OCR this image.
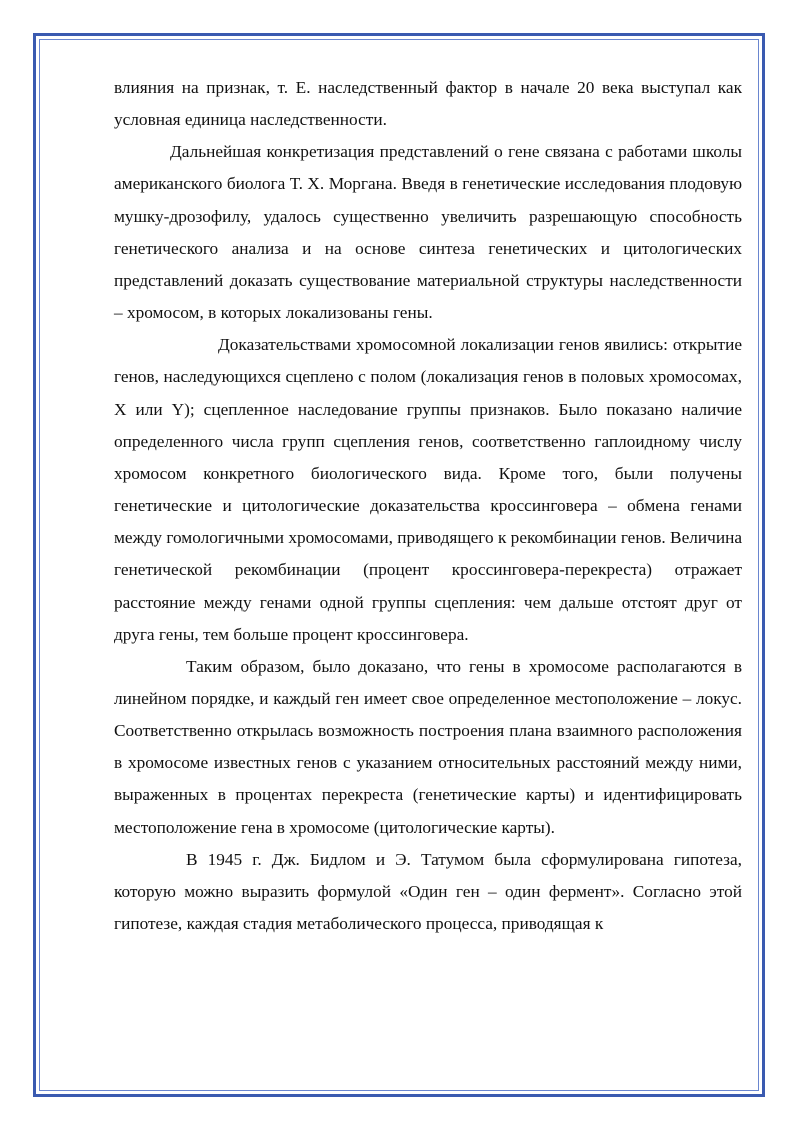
влияния на признак, т. Е. наследственный фактор в начале 20 века выступал как условная единица наследственности.

Дальнейшая конкретизация представлений о гене связана с работами школы американского биолога Т. Х. Моргана. Введя в генетические исследования плодовую мушку-дрозофилу, удалось существенно увеличить разрешающую способность генетического анализа и на основе синтеза генетических и цитологических представлений доказать существование материальной структуры наследственности – хромосом, в которых локализованы гены.

Доказательствами хромосомной локализации генов явились: открытие генов, наследующихся сцеплено с полом (локализация генов в половых хромосомах, X или Y); сцепленное наследование группы признаков. Было показано наличие определенного числа групп сцепления генов, соответственно гаплоидному числу хромосом конкретного биологического вида. Кроме того, были получены генетические и цитологические доказательства кроссинговера – обмена генами между гомологичными хромосомами, приводящего к рекомбинации генов. Величина генетической рекомбинации (процент кроссинговера-перекреста) отражает расстояние между генами одной группы сцепления: чем дальше отстоят друг от друга гены, тем больше процент кроссинговера.

Таким образом, было доказано, что гены в хромосоме располагаются в линейном порядке, и каждый ген имеет свое определенное местоположение – локус. Соответственно открылась возможность построения плана взаимного расположения в хромосоме известных генов с указанием относительных расстояний между ними, выраженных в процентах перекреста (генетические карты) и идентифицировать местоположение гена в хромосоме (цитологические карты).

В 1945 г. Дж. Бидлом и Э. Татумом была сформулирована гипотеза, которую можно выразить формулой «Один ген – один фермент». Согласно этой гипотезе, каждая стадия метаболического процесса, приводящая к
